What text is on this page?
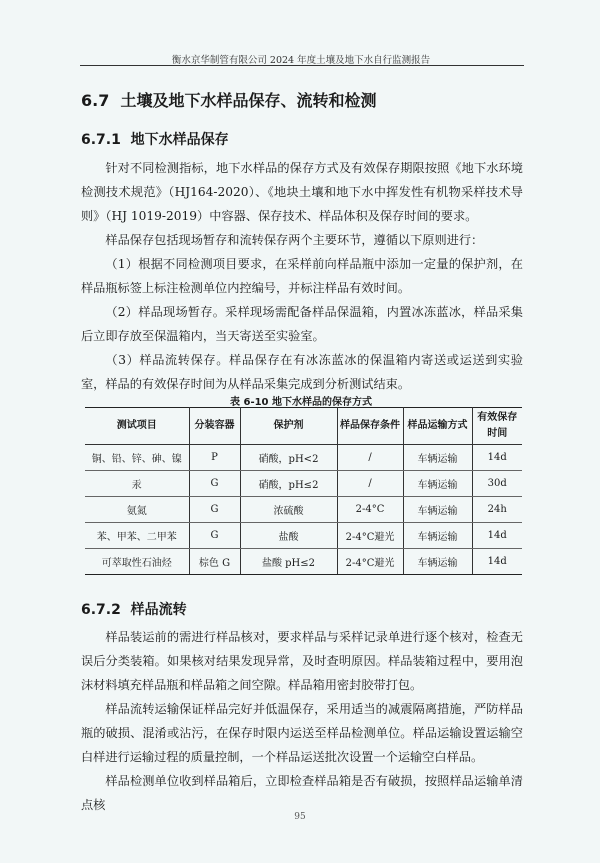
衡水京华制管有限公司 2024 年度土壤及地下水自行监测报告
6.7 土壤及地下水样品保存、流转和检测
6.7.1 地下水样品保存

针对不同检测指标，地下水样品的保存方式及有效保存期限按照《地下水环境检测技术规范》（HJ164-2020）、《地块土壤和地下水中挥发性有机物采样技术导则》（HJ 1019-2019）中容器、保存技术、样品体积及保存时间的要求。

样品保存包括现场暂存和流转保存两个主要环节，遵循以下原则进行：

（1）根据不同检测项目要求，在采样前向样品瓶中添加一定量的保护剂，在样品瓶标签上标注检测单位内控编号，并标注样品有效时间。

（2）样品现场暂存。采样现场需配备样品保温箱，内置冰冻蓝冰，样品采集后立即存放至保温箱内，当天寄送至实验室。

（3）样品流转保存。样品保存在有冰冻蓝冰的保温箱内寄送或运送到实验室，样品的有效保存时间为从样品采集完成到分析测试结束。

表 6-10 地下水样品的保存方式
测试项目	分装容器	保护剂	样品保存条件	样品运输方式	有效保存时间
铜、铅、锌、砷、镍	P	硝酸，pH<2	/	车辆运输	14d
汞	G	硝酸，pH≤2	/	车辆运输	30d
氨氮	G	浓硫酸	2-4°C	车辆运输	24h
苯、甲苯、二甲苯	G	盐酸	2-4°C避光	车辆运输	14d
可萃取性石油烃	棕色 G	盐酸 pH≤2	2-4°C避光	车辆运输	14d
6.7.2 样品流转

样品装运前的需进行样品核对，要求样品与采样记录单进行逐个核对，检查无误后分类装箱。如果核对结果发现异常，及时查明原因。样品装箱过程中，要用泡沫材料填充样品瓶和样品箱之间空隙。样品箱用密封胶带打包。

样品流转运输保证样品完好并低温保存，采用适当的减震隔离措施，严防样品瓶的破损、混淆或沾污，在保存时限内运送至样品检测单位。样品运输设置运输空白样进行运输过程的质量控制，一个样品运送批次设置一个运输空白样品。

样品检测单位收到样品箱后，立即检查样品箱是否有破损，按照样品运输单清点核

95
